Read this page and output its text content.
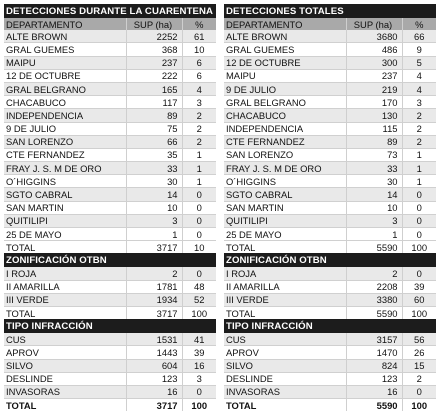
DETECCIONES DURANTE LA CUARENTENA		
DEPARTAMENTO	SUP (ha)	%
ALTE BROWN	2252	61
GRAL GUEMES	368	10
MAIPU	237	6
12 DE OCTUBRE	222	6
GRAL BELGRANO	165	4
CHACABUCO	117	3
INDEPENDENCIA	89	2
9 DE JULIO	75	2
SAN LORENZO	66	2
CTE FERNANDEZ	35	1
FRAY J. S. M DE ORO	33	1
O´HIGGINS	30	1
SGTO CABRAL	14	0
SAN MARTIN	10	0
QUITILIPI	3	0
25 DE MAYO	1	0
TOTAL	3717	10
ZONIFICACIÓN OTBN		
I ROJA	2	0
II AMARILLA	1781	48
III VERDE	1934	52
TOTAL	3717	100
TIPO INFRACCIÓN		
CUS	1531	41
APROV	1443	39
SILVO	604	16
DESLINDE	123	3
INVASORAS	16	0
TOTAL	3717	100
DETECCIONES TOTALES		
DEPARTAMENTO	SUP (ha)	%
ALTE BROWN	3680	66
GRAL GUEMES	486	9
12 DE OCTUBRE	300	5
MAIPU	237	4
9 DE JULIO	219	4
GRAL BELGRANO	170	3
CHACABUCO	130	2
INDEPENDENCIA	115	2
CTE FERNANDEZ	89	2
SAN LORENZO	73	1
FRAY J. S. M DE ORO	33	1
O´HIGGINS	30	1
SGTO CABRAL	14	0
SAN MARTIN	10	0
QUITILIPI	3	0
25 DE MAYO	1	0
TOTAL	5590	100
ZONIFICACIÓN OTBN		
I ROJA	2	0
II AMARILLA	2208	39
III VERDE	3380	60
TOTAL	5590	100
TIPO INFRACCIÓN		
CUS	3157	56
APROV	1470	26
SILVO	824	15
DESLINDE	123	2
INVASORAS	16	0
TOTAL	5590	100
